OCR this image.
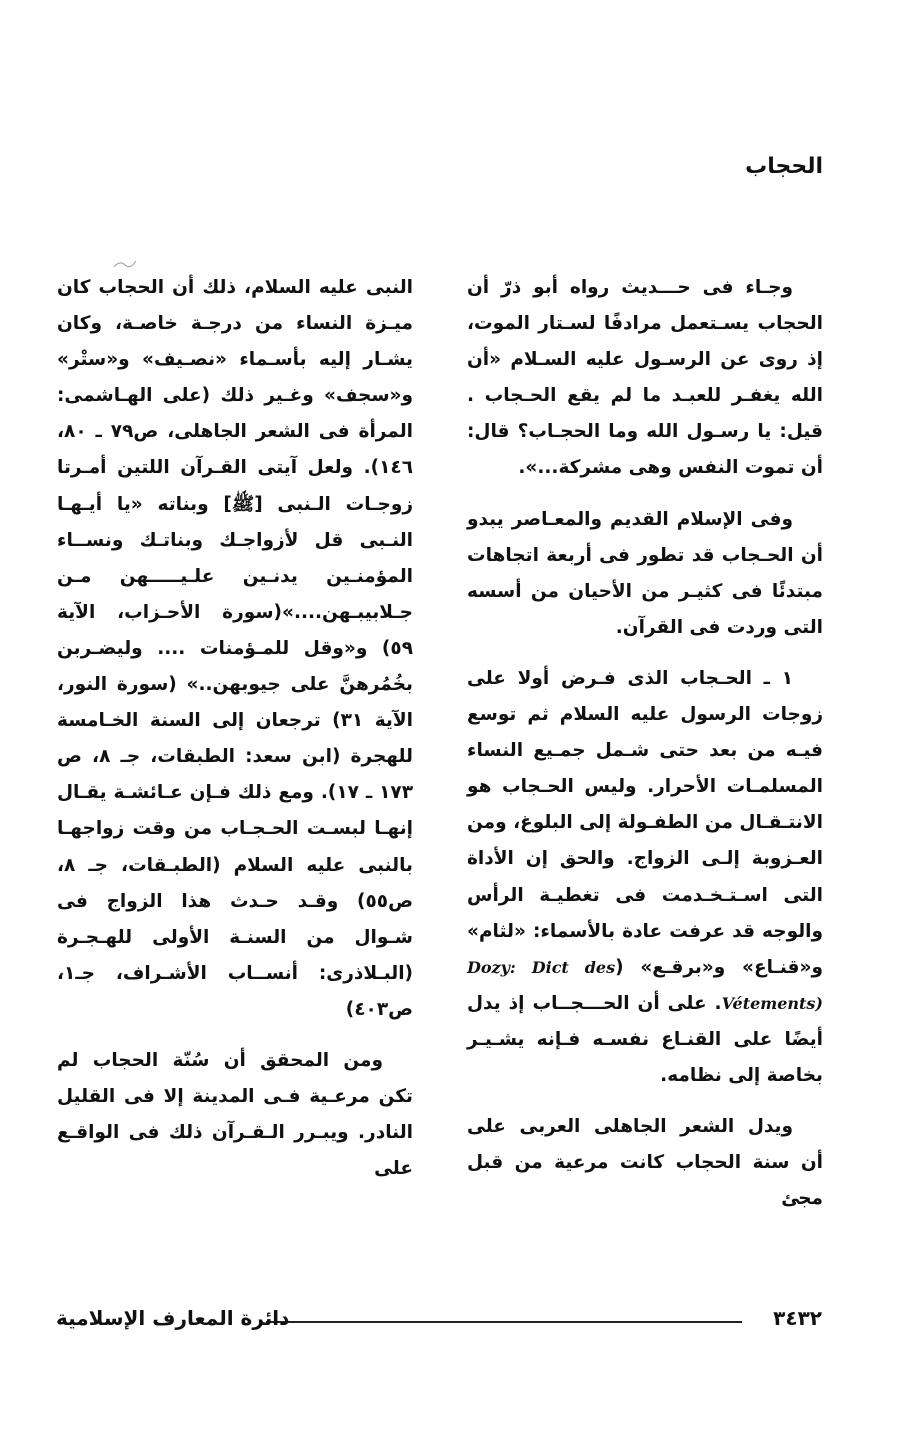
الحجاب

وجـاء فى حـــديث رواه أبو ذرّ أن الحجاب يسـتعمل مرادفًا لسـتار الموت، إذ روى عن الرسـول عليه السـلام «أن الله يغفـر للعبـد ما لم يقع الحـجاب . قيل: يا رسـول الله وما الحجـاب؟ قال: أن تموت النفس وهى مشركة...».

وفى الإسلام القديم والمعـاصر يبدو أن الحـجاب قد تطور فى أربعة اتجاهات مبتدئًا فى كثيـر من الأحيان من أسسه التى وردت فى القرآن.

١ ـ الحـجاب الذى فـرض أولا على زوجات الرسول عليه السلام ثم توسع فيـه من بعد حتى شـمل جمـيع النساء المسلمـات الأحرار. وليس الحـجاب هو الانتـقـال من الطفـولة إلى البلوغ، ومن العـزوبة إلـى الزواج. والحق إن الأداة التى اسـتـخـدمت فى تغطيـة الرأس والوجه قد عرفت عادة بالأسماء: «لثام» و«قنـاع» و«برقـع» (Dozy: Dict des Vétements). على أن الحـــجــاب إذ يدل أيضًا على القنـاع نفسـه فـإنه يشـيـر بخاصة إلى نظامه.

ويدل الشعر الجاهلى العربى على أن سنة الحجاب كانت مرعية من قبل مجئ

النبى عليه السلام، ذلك أن الحجاب كان ميـزة النساء من درجـة خاصـة، وكان يشـار إليه بأسـماء «نصـيف» و«ستْر» و«سجف» وغـير ذلك (على الهـاشمى: المرأة فى الشعر الجاهلى، ص٧٩ ـ ٨٠، ١٤٦). ولعل آيتى القـرآن اللتين أمـرتا زوجـات الـنبى [ﷺ] وبناته «يا أيـهـا النـبى قل لأزواجـك وبناتـك ونســاء المؤمنـين يدنـين علـيـــــهن مـن جـلابيبـهن....»(سورة الأحـزاب، الآية ٥٩) و«وقل للمـؤمنات .... وليضـربن بخُمُرهنَّ على جيوبهن..» (سورة النور، الآية ٣١) ترجعان إلى السنة الخـامسة للهجرة (ابن سعد: الطبقات، جـ ٨، ص ١٧٣ ـ ١٧). ومع ذلك فـإن عـائشـة يقـال إنهـا لبسـت الحـجـاب من وقت زواجهـا بالنبى عليه السلام (الطبـقات، جـ ٨، ص٥٥) وقـد حـدث هذا الزواج فى شـوال من السنـة الأولى للهـجـرة (البـلاذرى: أنســاب الأشـراف، جـ١، ص٤٠٣)

ومن المحقق أن سُنّة الحجاب لم تكن مرعـية فـى المدينة إلا فى القليل النادر. ويبـرر الـقـرآن ذلك فى الواقـع على

٣٤٣٢
دائرة المعارف الإسلامية
